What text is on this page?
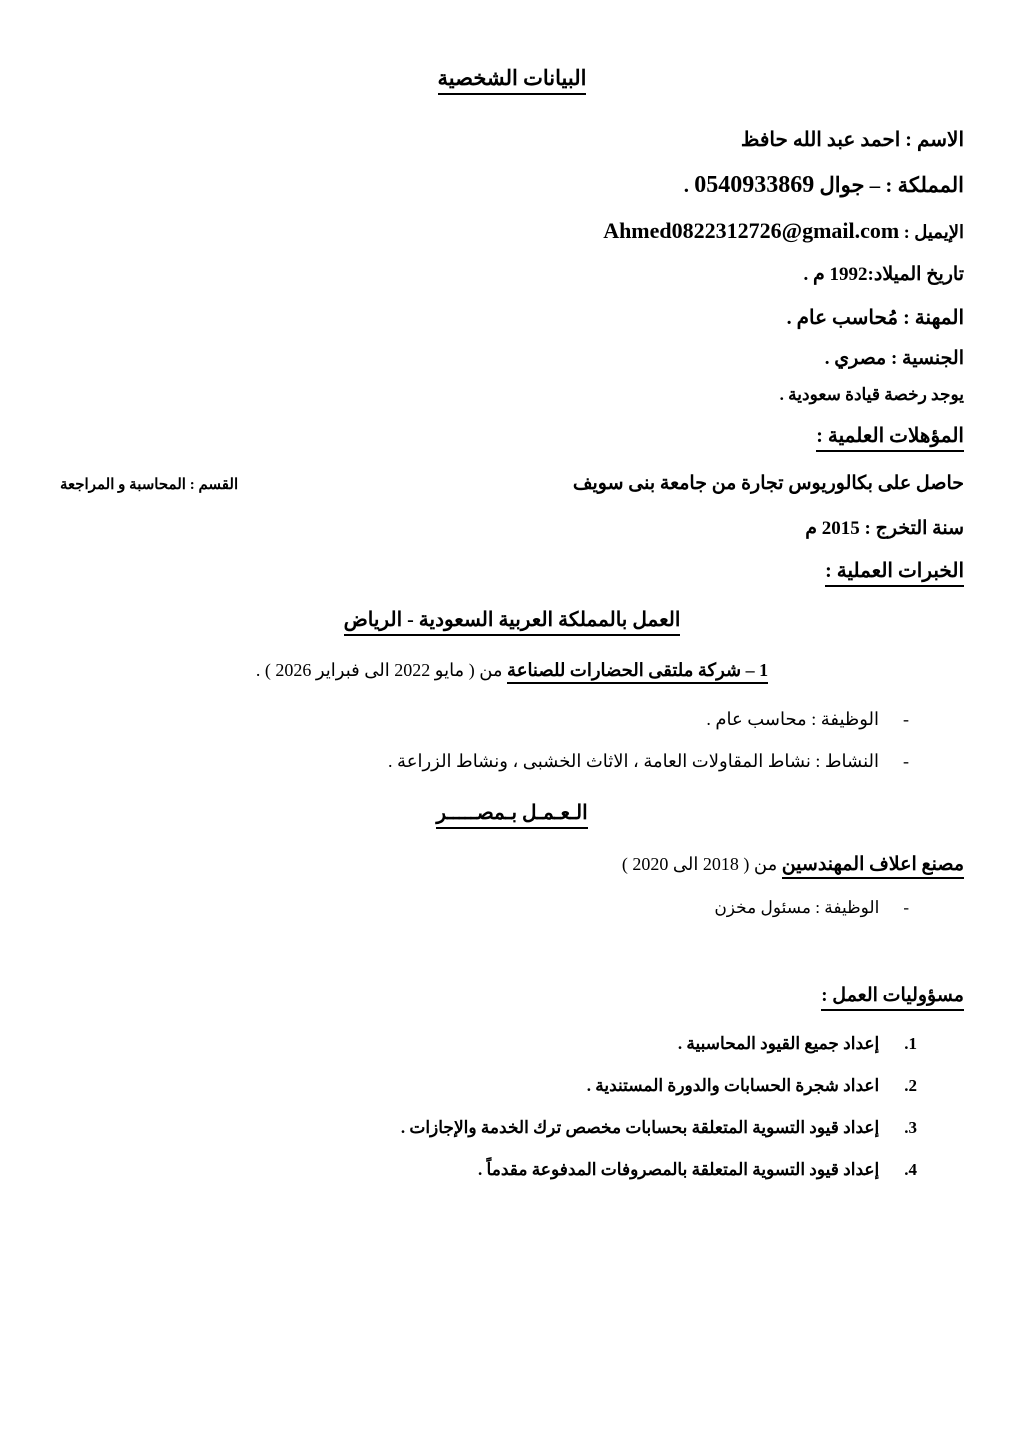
البيانات الشخصية
الاسم : احمد عبد الله حافظ
المملكة : – جوال 0540933869 .
الإيميل : Ahmed0822312726@gmail.com
تاريخ الميلاد:1992 م .
المهنة : مُحاسب عام .
الجنسية : مصري .
يوجد رخصة قيادة سعودية .
المؤهلات العلمية :
حاصل على بكالوريوس تجارة من جامعة بنى سويف
القسم : المحاسبة و المراجعة
سنة التخرج : 2015 م
الخبرات العملية :
العمل بالمملكة العربية السعودية - الرياض
1 – شركة ملتقى الحضارات للصناعة من ( مايو 2022 الى فبراير 2026 ) .
-
الوظيفة : محاسب عام .
-
النشاط : نشاط المقاولات العامة ، الاثاث الخشبى ، ونشاط الزراعة .
الـعـمـل بـمصـــــر
مصنع اعلاف المهندسين من ( 2018 الى 2020 )
-
الوظيفة : مسئول مخزن
مسؤوليات العمل :
1.
إعداد جميع القيود المحاسبية .
2.
اعداد شجرة الحسابات والدورة المستندية .
3.
إعداد قيود التسوية المتعلقة بحسابات مخصص ترك الخدمة والإجازات .
4.
إعداد قيود التسوية المتعلقة بالمصروفات المدفوعة مقدماً .
